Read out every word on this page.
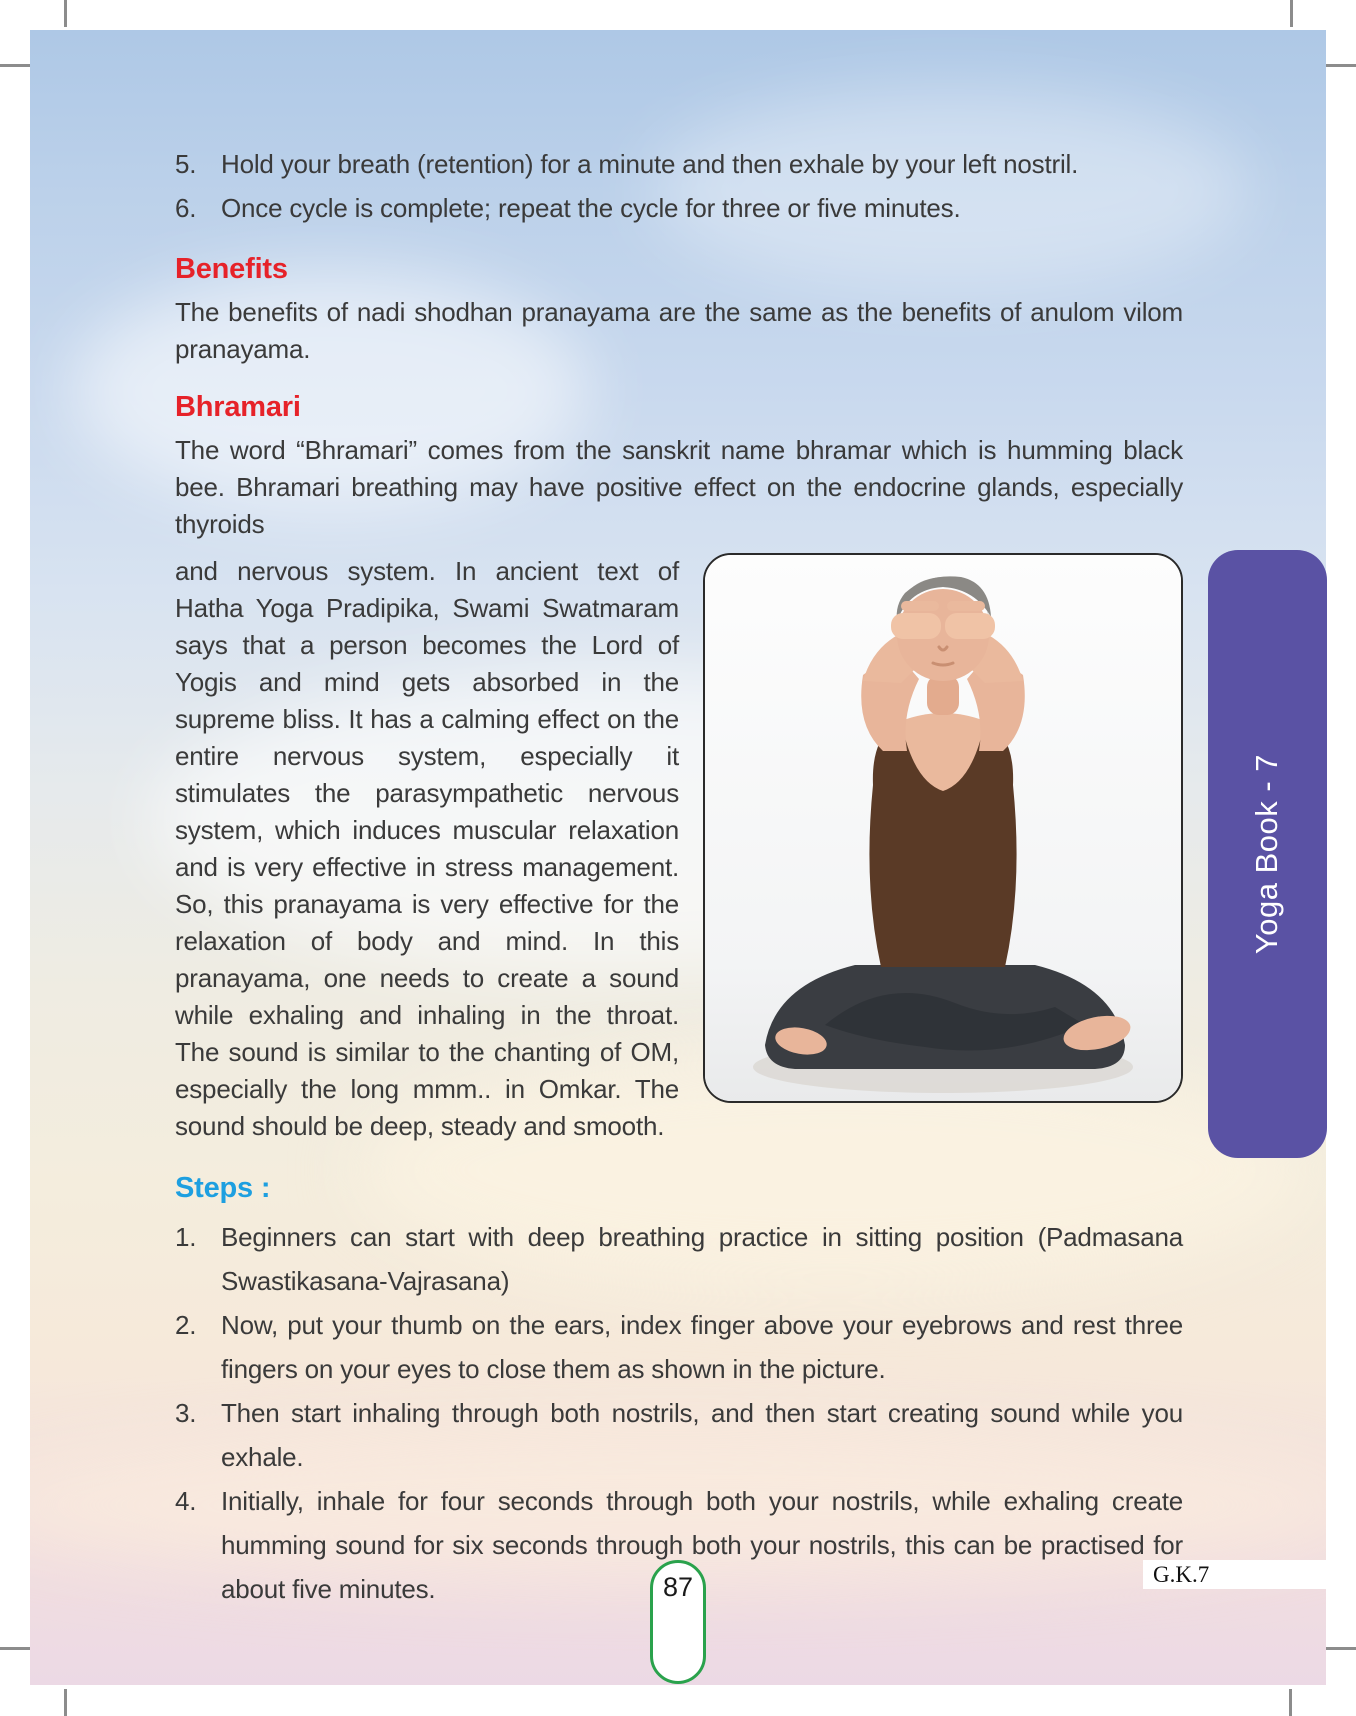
5. Hold your breath (retention) for a minute and then exhale by your left nostril.
6. Once cycle is complete; repeat the cycle for three or five minutes.
Benefits

The benefits of nadi shodhan pranayama are the same as the benefits of anulom vilom pranayama.

Bhramari

The word “Bhramari” comes from the sanskrit name bhramar which is humming black bee. Bhramari breathing may have positive effect on the endocrine glands, especially thyroids

and nervous system. In ancient text of Hatha Yoga Pradipika, Swami Swatmaram says that a person becomes the Lord of Yogis and mind gets absorbed in the supreme bliss. It has a calming effect on the entire nervous system, especially it stimulates the parasympathetic nervous system, which induces muscular relaxation and is very effective in stress management. So, this pranayama is very effective for the relaxation of body and mind. In this pranayama, one needs to create a sound while exhaling and inhaling in the throat. The sound is similar to the chanting of OM, especially the long mmm.. in Omkar. The sound should be deep, steady and smooth.

Steps :
1. Beginners can start with deep breathing practice in sitting position (Padmasana Swastikasana-Vajrasana)
2. Now, put your thumb on the ears, index finger above your eyebrows and rest three fingers on your eyes to close them as shown in the picture.
3. Then start inhaling through both nostrils, and then start creating sound while you exhale.
4. Initially, inhale for four seconds through both your nostrils, while exhaling create humming sound for six seconds through both your nostrils, this can be practised for about five minutes.
Yoga Book - 7
87	G.K.7
